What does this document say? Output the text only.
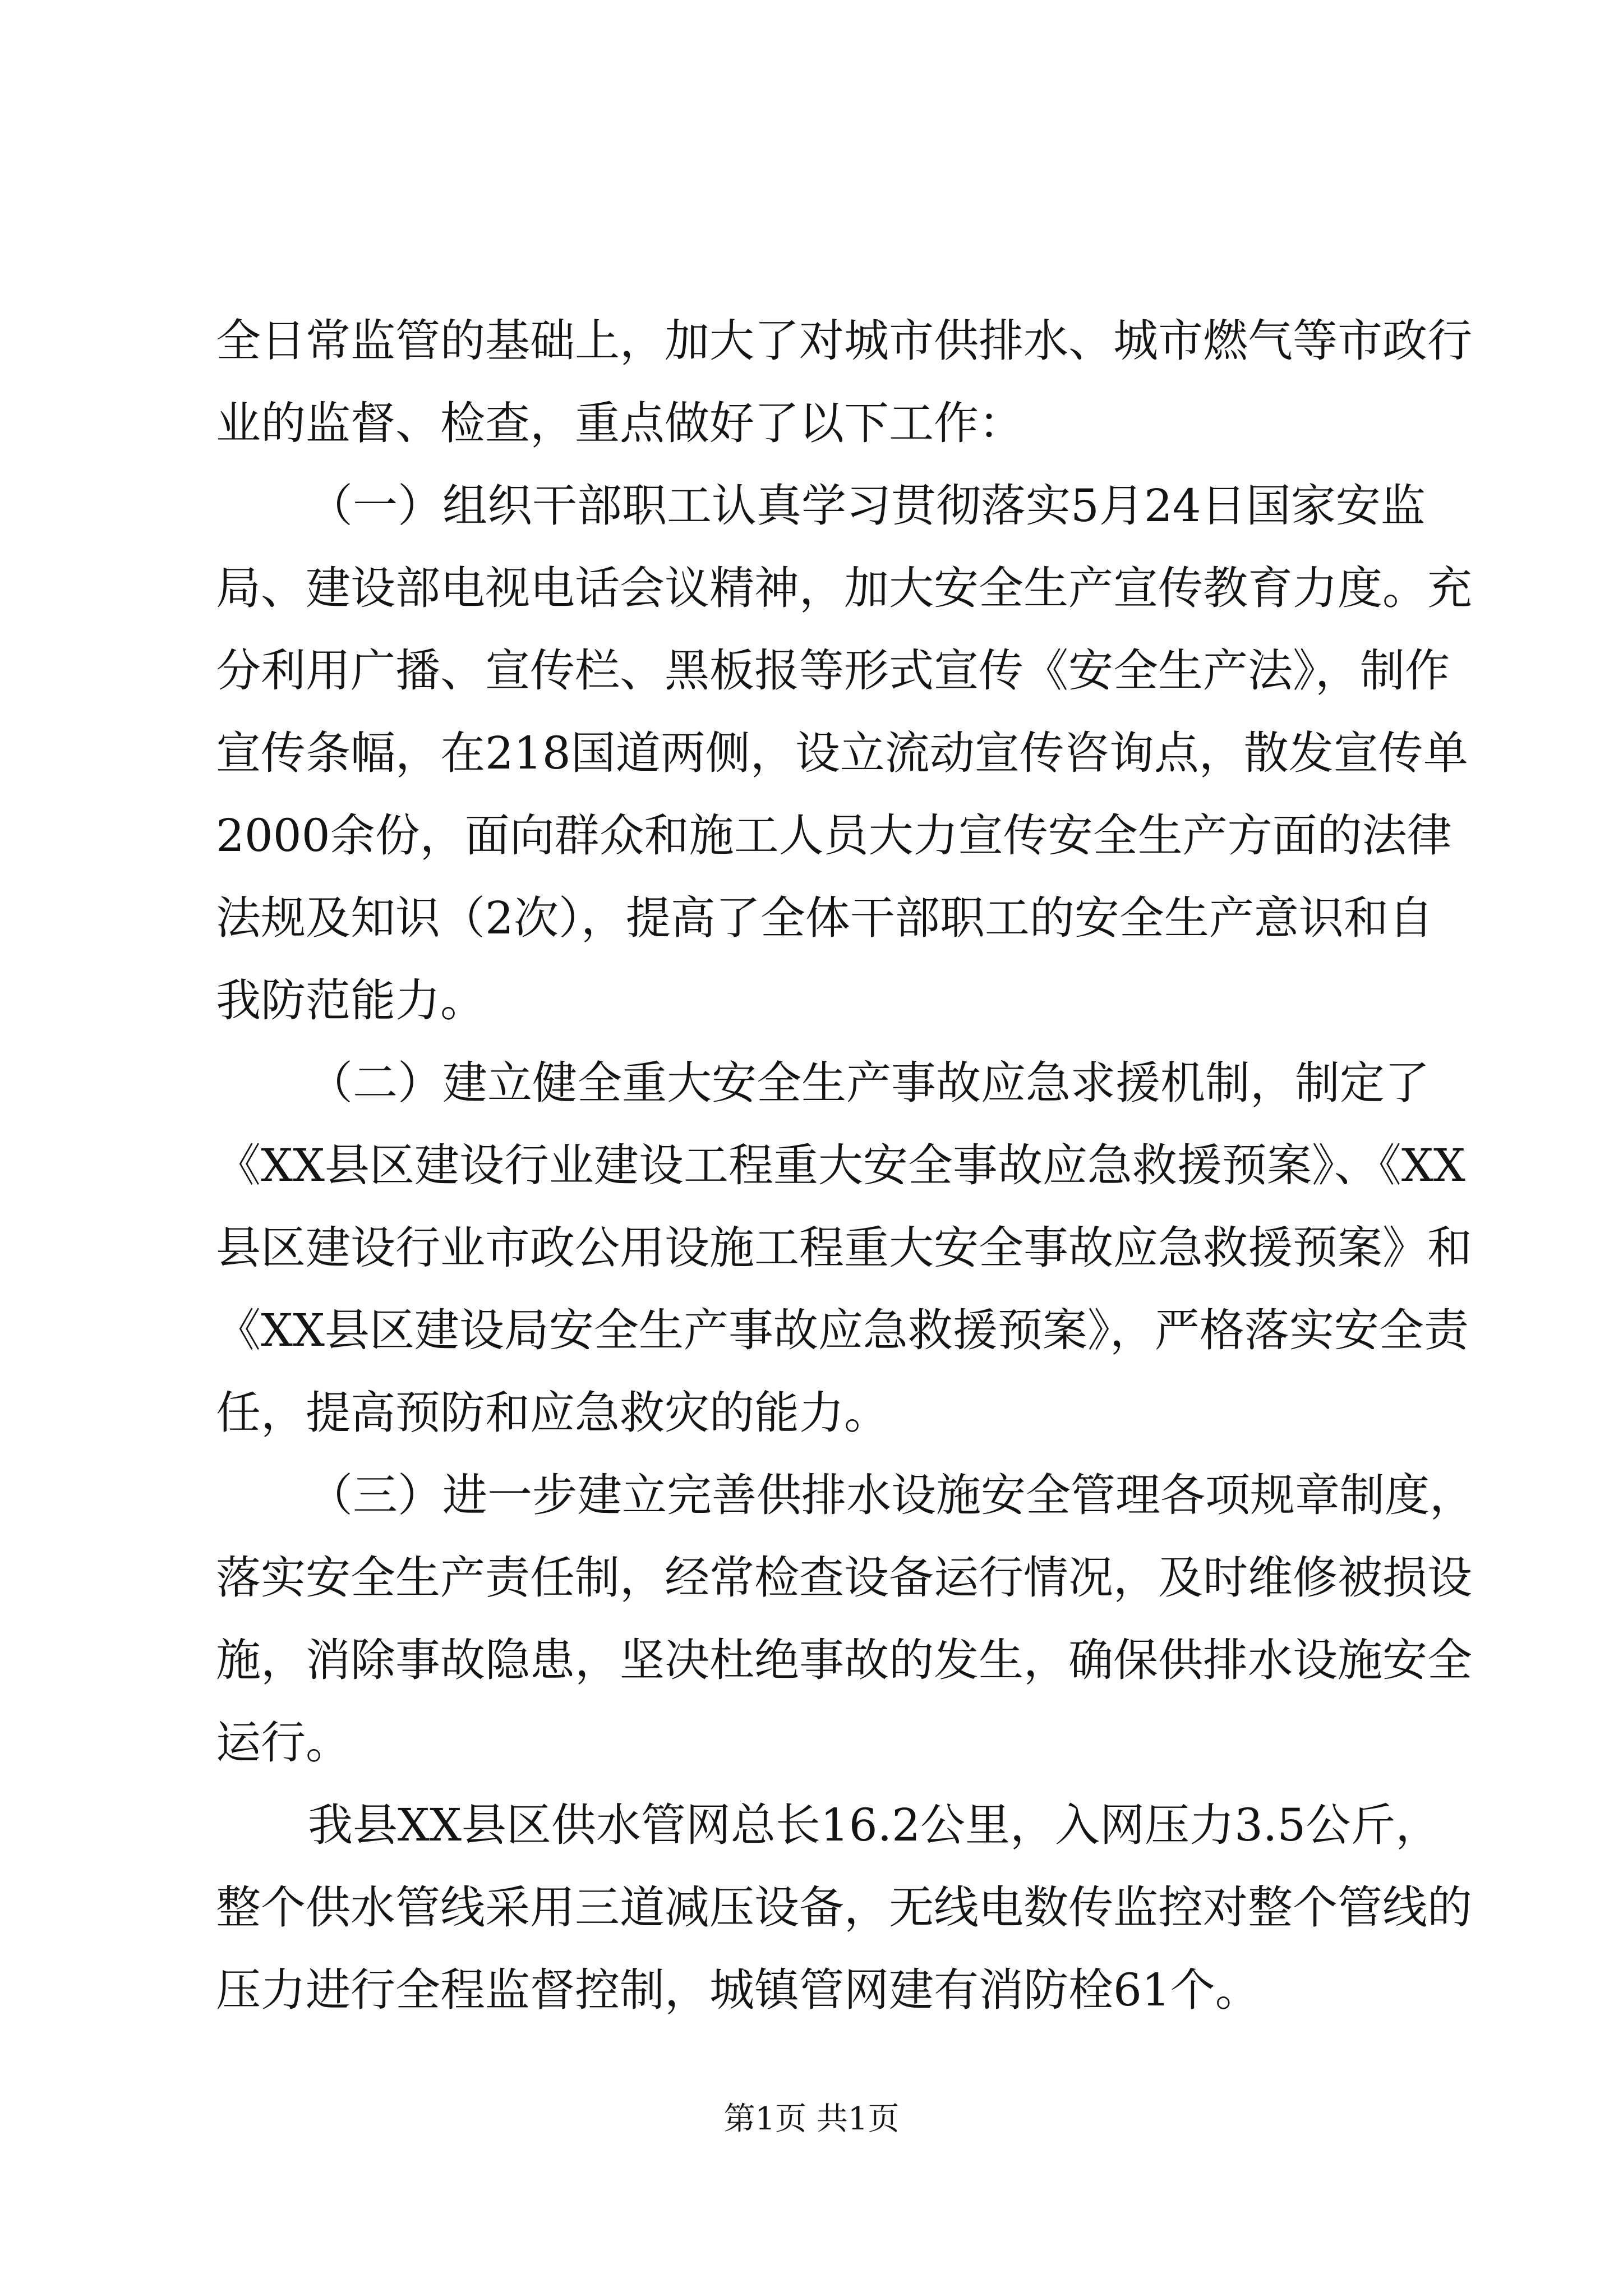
全日常监管的基础上，加大了对城市供排水、城市燃气等市政行
业的监督、检查，重点做好了以下工作：
（一）组织干部职工认真学习贯彻落实5月24日国家安监
局、建设部电视电话会议精神，加大安全生产宣传教育力度。充
分利用广播、宣传栏、黑板报等形式宣传《安全生产法》，制作
宣传条幅，在218国道两侧，设立流动宣传咨询点，散发宣传单
2000余份，面向群众和施工人员大力宣传安全生产方面的法律
法规及知识（2次），提高了全体干部职工的安全生产意识和自
我防范能力。
（二）建立健全重大安全生产事故应急求援机制，制定了
《XX县区建设行业建设工程重大安全事故应急救援预案》、《XX
县区建设行业市政公用设施工程重大安全事故应急救援预案》和
《XX县区建设局安全生产事故应急救援预案》，严格落实安全责
任，提高预防和应急救灾的能力。
（三）进一步建立完善供排水设施安全管理各项规章制度，
落实安全生产责任制，经常检查设备运行情况，及时维修被损设
施，消除事故隐患，坚决杜绝事故的发生，确保供排水设施安全
运行。
我县XX县区供水管网总长16.2公里，入网压力3.5公斤，
整个供水管线采用三道减压设备，无线电数传监控对整个管线的
压力进行全程监督控制，城镇管网建有消防栓61个。
第1页 共1页
